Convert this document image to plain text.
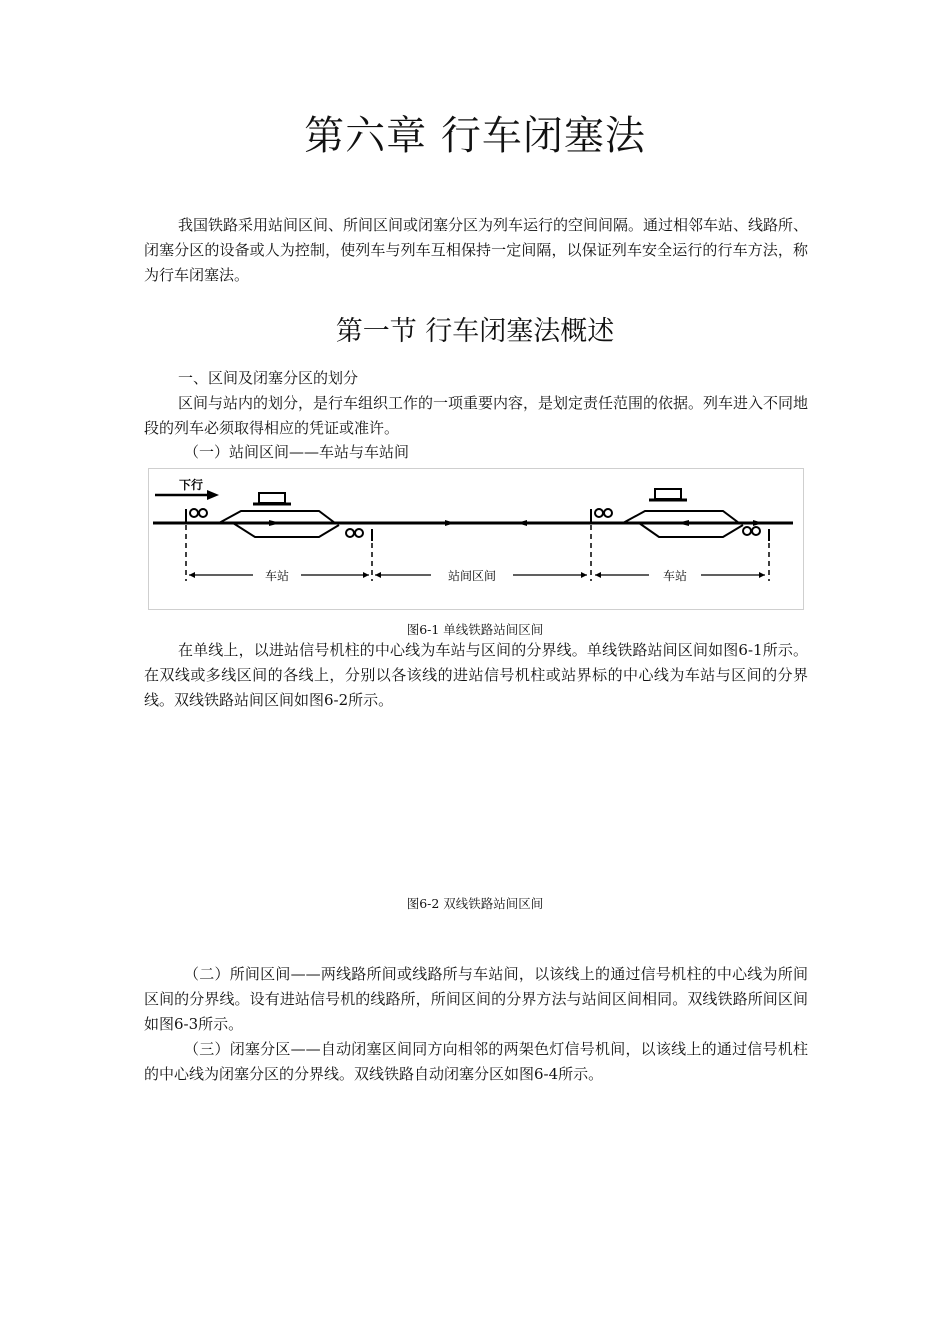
第六章 行车闭塞法
我国铁路采用站间区间、所间区间或闭塞分区为列车运行的空间间隔。通过相邻车站、线路所、闭塞分区的设备或人为控制，使列车与列车互相保持一定间隔，以保证列车安全运行的行车方法，称为行车闭塞法。
第一节 行车闭塞法概述
一、区间及闭塞分区的划分
区间与站内的划分，是行车组织工作的一项重要内容，是划定责任范围的依据。列车进入不同地段的列车必须取得相应的凭证或准许。
（一）站间区间——车站与车站间
下行
车站	站间区间	车站
图6-1 单线铁路站间区间
在单线上，以进站信号机柱的中心线为车站与区间的分界线。单线铁路站间区间如图6-1所示。在双线或多线区间的各线上，分别以各该线的进站信号机柱或站界标的中心线为车站与区间的分界线。双线铁路站间区间如图6-2所示。
图6-2 双线铁路站间区间
（二）所间区间——两线路所间或线路所与车站间，以该线上的通过信号机柱的中心线为所间区间的分界线。设有进站信号机的线路所，所间区间的分界方法与站间区间相同。双线铁路所间区间如图6-3所示。
（三）闭塞分区——自动闭塞区间同方向相邻的两架色灯信号机间，以该线上的通过信号机柱的中心线为闭塞分区的分界线。双线铁路自动闭塞分区如图6-4所示。
